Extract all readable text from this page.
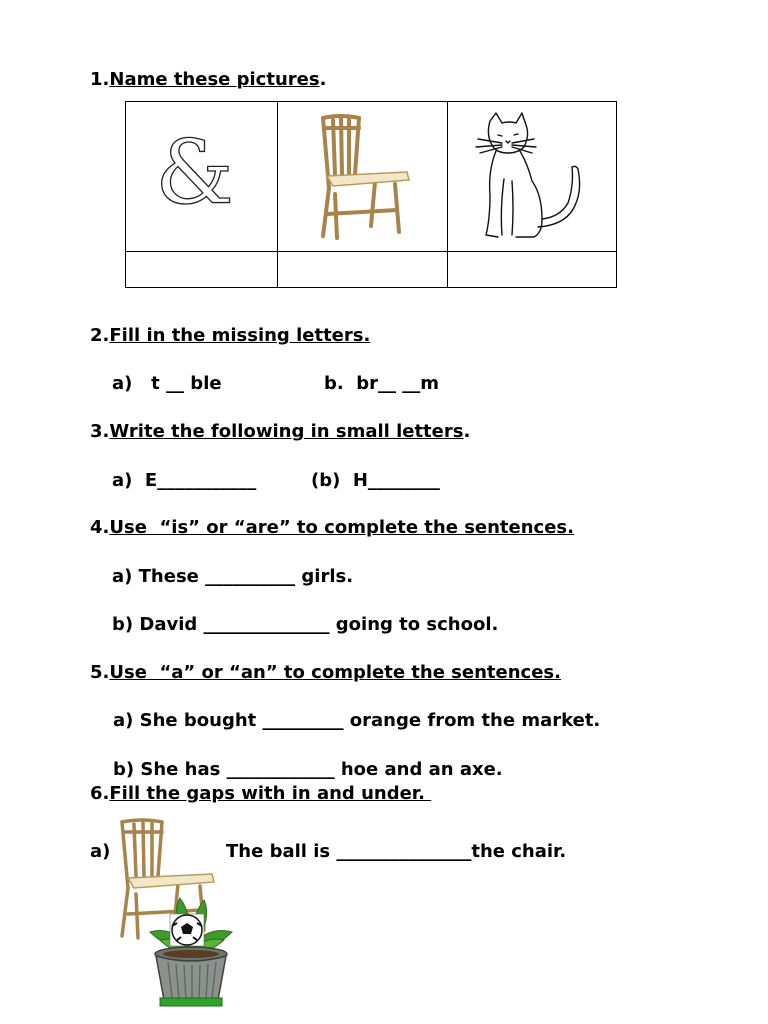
1.Name these pictures.
&

2.Fill in the missing letters.
a)   t __ ble	b.  br__ __m
3.Write the following in small letters.
a)  E___________	(b)  H________
4.Use  “is” or “are” to complete the sentences.
a) These __________ girls.
b) David ______________ going to school.
5.Use  “a” or “an” to complete the sentences.
a) She bought _________ orange from the market.
b) She has ____________ hoe and an axe.
6.Fill the gaps with in and under.
a)	The ball is _______________the chair.
